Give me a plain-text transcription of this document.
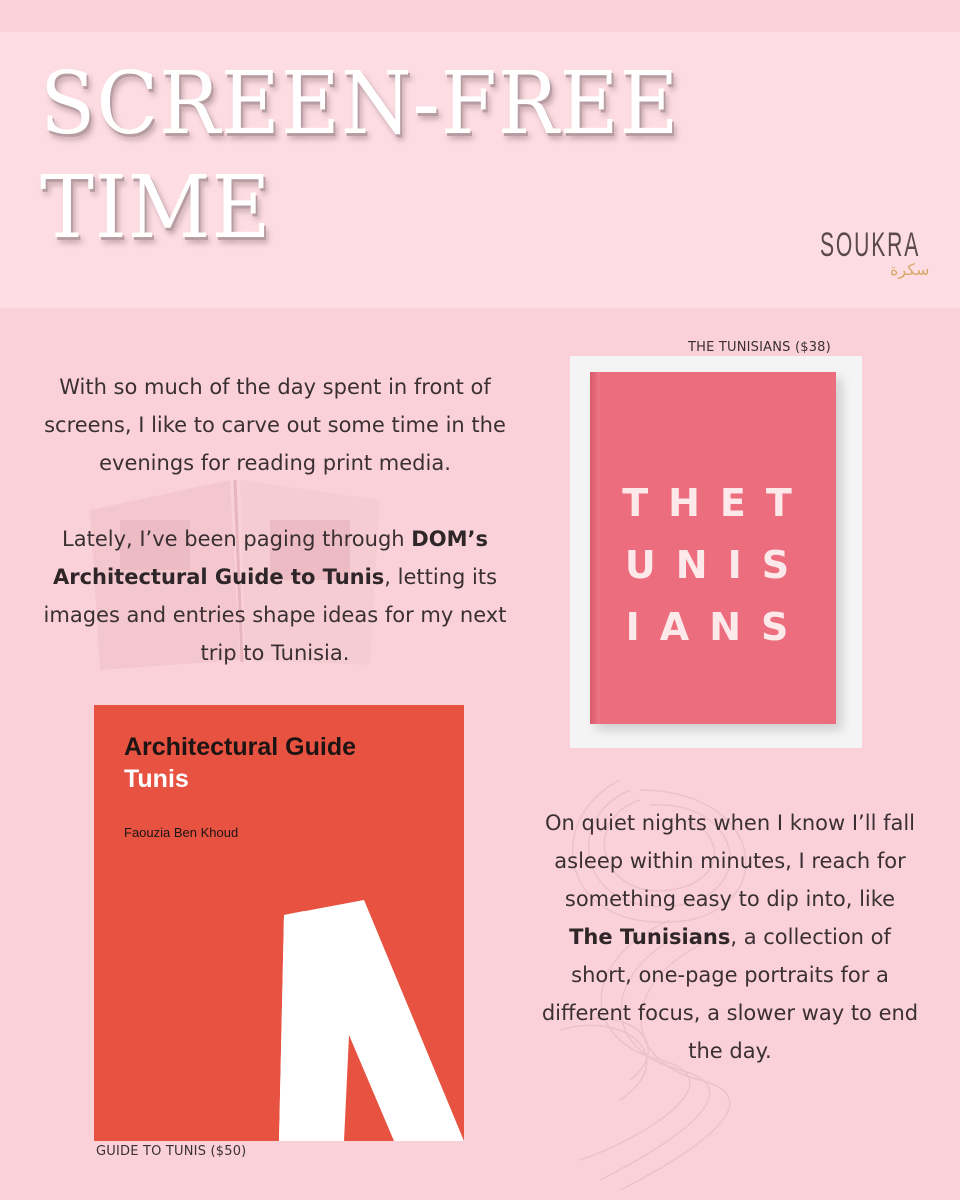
SCREEN-FREE
TIME	SOUKRA
سكرة
With so much of the day spent in front of screens, I like to carve out some time in the evenings for reading print media.
Lately, I’ve been paging through DOM’s Architectural Guide to Tunis, letting its images and entries shape ideas for my next trip to Tunisia.
THE TUNISIANS ($38)
THET
UNIS
IANS
Architectural Guide
Tunis
Faouzia Ben Khoud
GUIDE TO TUNIS ($50)
On quiet nights when I know I’ll fall asleep within minutes, I reach for something easy to dip into, like The Tunisians, a collection of short, one-page portraits for a different focus, a slower way to end the day.
